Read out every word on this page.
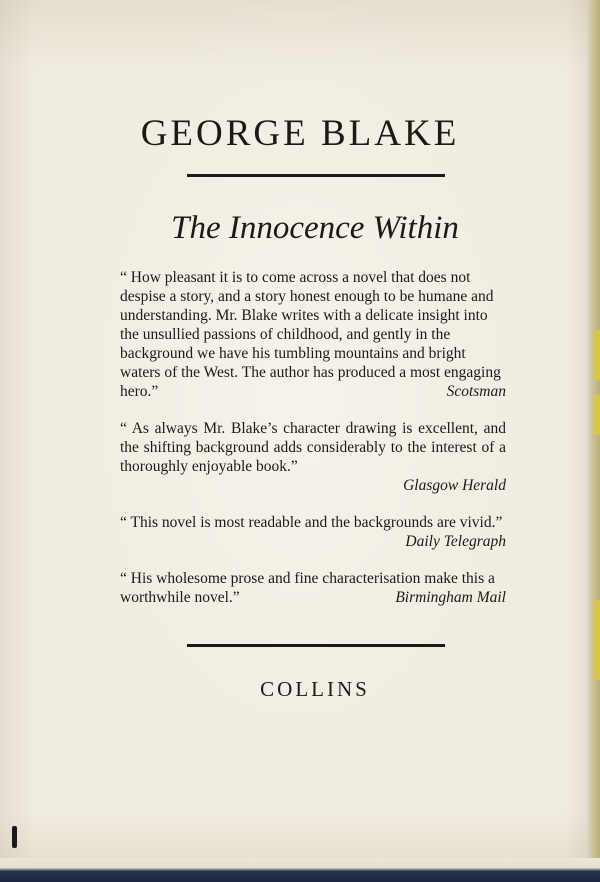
GEORGE BLAKE
The Innocence Within
“ How pleasant it is to come across a novel that does not despise a story, and a story honest enough to be humane and understanding. Mr. Blake writes with a delicate insight into the unsullied passions of childhood, and gently in the background we have his tumbling mountains and bright waters of the West. The author has produced a most engaging hero.”	Scotsman
“ As always Mr. Blake’s character drawing is excellent, and the shifting background adds considerably to the interest of a thoroughly enjoyable book.”
Glasgow Herald
“ This novel is most readable and the backgrounds are vivid.”
Daily Telegraph
“ His wholesome prose and fine characterisation make this a worthwhile novel.”	Birmingham Mail
COLLINS
